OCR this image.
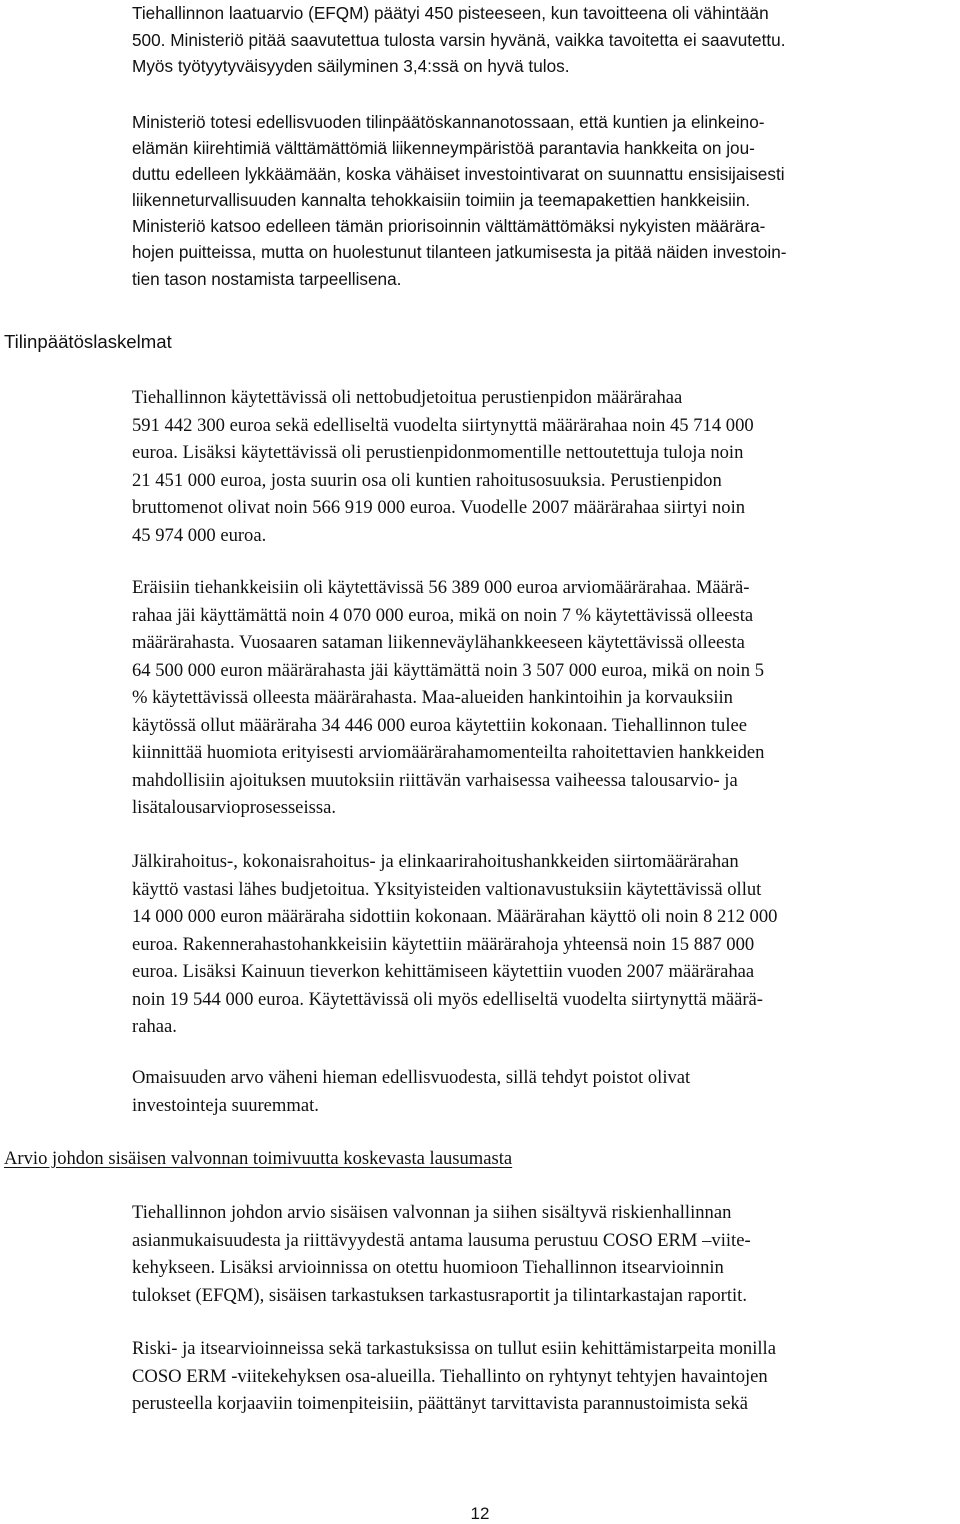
Tiehallinnon laatuarvio (EFQM) päätyi 450 pisteeseen, kun tavoitteena oli vähintään
500. Ministeriö pitää saavutettua tulosta varsin hyvänä, vaikka tavoitetta ei saavutettu.
Myös työtyytyväisyyden säilyminen 3,4:ssä on hyvä tulos.
Ministeriö totesi edellisvuoden tilinpäätöskannanotossaan, että kuntien ja elinkeino-
elämän kiirehtimiä välttämättömiä liikenneympäristöä parantavia hankkeita on jou-
duttu edelleen lykkäämään, koska vähäiset investointivarat on suunnattu ensisijaisesti
liikenneturvallisuuden kannalta tehokkaisiin toimiin ja teemapakettien hankkeisiin.
Ministeriö katsoo edelleen tämän priorisoinnin välttämättömäksi nykyisten määrära-
hojen puitteissa, mutta on huolestunut tilanteen jatkumisesta ja pitää näiden investoin-
tien tason nostamista tarpeellisena.
Tilinpäätöslaskelmat
Tiehallinnon käytettävissä oli nettobudjetoitua perustienpidon määrärahaa
591 442 300 euroa sekä edelliseltä vuodelta siirtynyttä määrärahaa noin 45 714 000
euroa. Lisäksi käytettävissä oli perustienpidonmomentille nettoutettuja tuloja noin
21 451 000 euroa, josta suurin osa oli kuntien rahoitusosuuksia. Perustienpidon
bruttomenot olivat noin 566 919 000 euroa. Vuodelle 2007 määrärahaa siirtyi noin
45 974 000 euroa.
Eräisiin tiehankkeisiin oli käytettävissä 56 389 000 euroa arviomäärärahaa. Määrä-
rahaa jäi käyttämättä noin 4 070 000 euroa, mikä on noin 7 % käytettävissä olleesta
määrärahasta. Vuosaaren sataman liikenneväylähankkeeseen käytettävissä olleesta
64 500 000 euron määrärahasta jäi käyttämättä noin 3 507 000 euroa, mikä on noin 5
% käytettävissä olleesta määrärahasta. Maa-alueiden hankintoihin ja korvauksiin
käytössä ollut määräraha 34 446 000 euroa käytettiin kokonaan. Tiehallinnon tulee
kiinnittää huomiota erityisesti arviomäärärahamomenteilta rahoitettavien hankkeiden
mahdollisiin ajoituksen muutoksiin riittävän varhaisessa vaiheessa talousarvio- ja
lisätalousarvioprosesseissa.
Jälkirahoitus-, kokonaisrahoitus- ja elinkaarirahoitushankkeiden siirtomäärärahan
käyttö vastasi lähes budjetoitua. Yksityisteiden valtionavustuksiin käytettävissä ollut
14 000 000 euron määräraha sidottiin kokonaan. Määrärahan käyttö oli noin 8 212 000
euroa. Rakennerahastohankkeisiin käytettiin määrärahoja yhteensä noin 15 887 000
euroa. Lisäksi Kainuun tieverkon kehittämiseen käytettiin vuoden 2007 määrärahaa
noin 19 544 000 euroa. Käytettävissä oli myös edelliseltä vuodelta siirtynyttä määrä-
rahaa.
Omaisuuden arvo väheni hieman edellisvuodesta, sillä tehdyt poistot olivat
investointeja suuremmat.
Arvio johdon sisäisen valvonnan toimivuutta koskevasta lausumasta
Tiehallinnon johdon arvio sisäisen valvonnan ja siihen sisältyvä riskienhallinnan
asianmukaisuudesta ja riittävyydestä antama lausuma perustuu COSO ERM –viite-
kehykseen. Lisäksi arvioinnissa on otettu huomioon Tiehallinnon itsearvioinnin
tulokset (EFQM), sisäisen tarkastuksen tarkastusraportit ja tilintarkastajan raportit.
Riski- ja itsearvioinneissa sekä tarkastuksissa on tullut esiin kehittämistarpeita monilla
COSO ERM -viitekehyksen osa-alueilla. Tiehallinto on ryhtynyt tehtyjen havaintojen
perusteella korjaaviin toimenpiteisiin, päättänyt tarvittavista parannustoimista sekä
12
